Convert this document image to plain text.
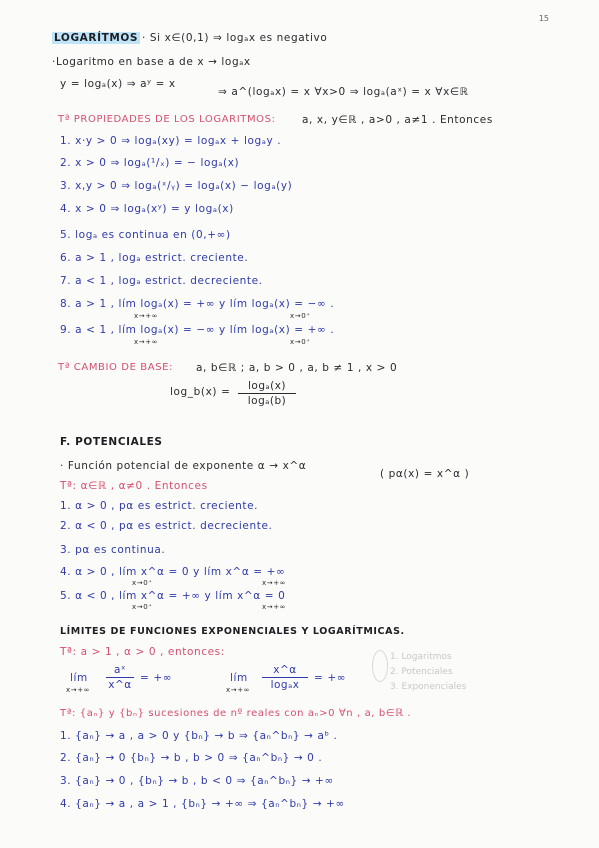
15
LOGARÍTMOS · Si x∈(0,1) ⇒ logₐx es negativo
·Logaritmo en base a de x → logₐx
y = logₐ(x) ⇒ aʸ = x
⇒ a^(logₐx) = x ∀x>0 ⇒ logₐ(aˣ) = x ∀x∈ℝ
Tª PROPIEDADES DE LOS LOGARITMOS:	a, x, y∈ℝ , a>0 , a≠1 . Entonces
1. x·y > 0 ⇒ logₐ(xy) = logₐx + logₐy .
2. x > 0 ⇒ logₐ(¹/ₓ) = − logₐ(x)
3. x,y > 0 ⇒ logₐ(ˣ/ᵧ) = logₐ(x) − logₐ(y)
4. x > 0 ⇒ logₐ(xʸ) = y logₐ(x)
5. logₐ es continua en (0,+∞)
6. a > 1 , logₐ estrict. creciente.
7. a < 1 , logₐ estrict. decreciente.
8. a > 1 , lím logₐ(x) = +∞ y lím logₐ(x) = −∞ .
x→+∞	x→0⁺
9. a < 1 , lím logₐ(x) = −∞ y lím logₐ(x) = +∞ .
x→+∞	x→0⁺
Tª CAMBIO DE BASE: a, b∈ℝ ; a, b > 0 , a, b ≠ 1 , x > 0
log_b(x) =	logₐ(x)
logₐ(b)
F. POTENCIALES
· Función potencial de exponente α → x^α
( pα(x) = x^α )
Tª: α∈ℝ , α≠0 . Entonces
1. α > 0 , pα es estrict. creciente.
2. α < 0 , pα es estrict. decreciente.
3. pα es continua.
4. α > 0 , lím x^α = 0 y lím x^α = +∞
x→0⁺	x→+∞
5. α < 0 , lím x^α = +∞ y lím x^α = 0
x→0⁺	x→+∞
LÍMITES DE FUNCIONES EXPONENCIALES Y LOGARÍTMICAS.
Tª: a > 1 , α > 0 , entonces:
lím
x→+∞
aˣ
x^α
= +∞	lím
x→+∞
x^α
logₐx
= +∞
1. Logaritmos
2. Potenciales
3. Exponenciales
Tª: {aₙ} y {bₙ} sucesiones de nº reales con aₙ>0 ∀n , a, b∈ℝ .
1. {aₙ} → a , a > 0 y {bₙ} → b ⇒ {aₙ^bₙ} → aᵇ .
2. {aₙ} → 0 {bₙ} → b , b > 0 ⇒ {aₙ^bₙ} → 0 .
3. {aₙ} → 0 , {bₙ} → b , b < 0 ⇒ {aₙ^bₙ} → +∞
4. {aₙ} → a , a > 1 , {bₙ} → +∞ ⇒ {aₙ^bₙ} → +∞
